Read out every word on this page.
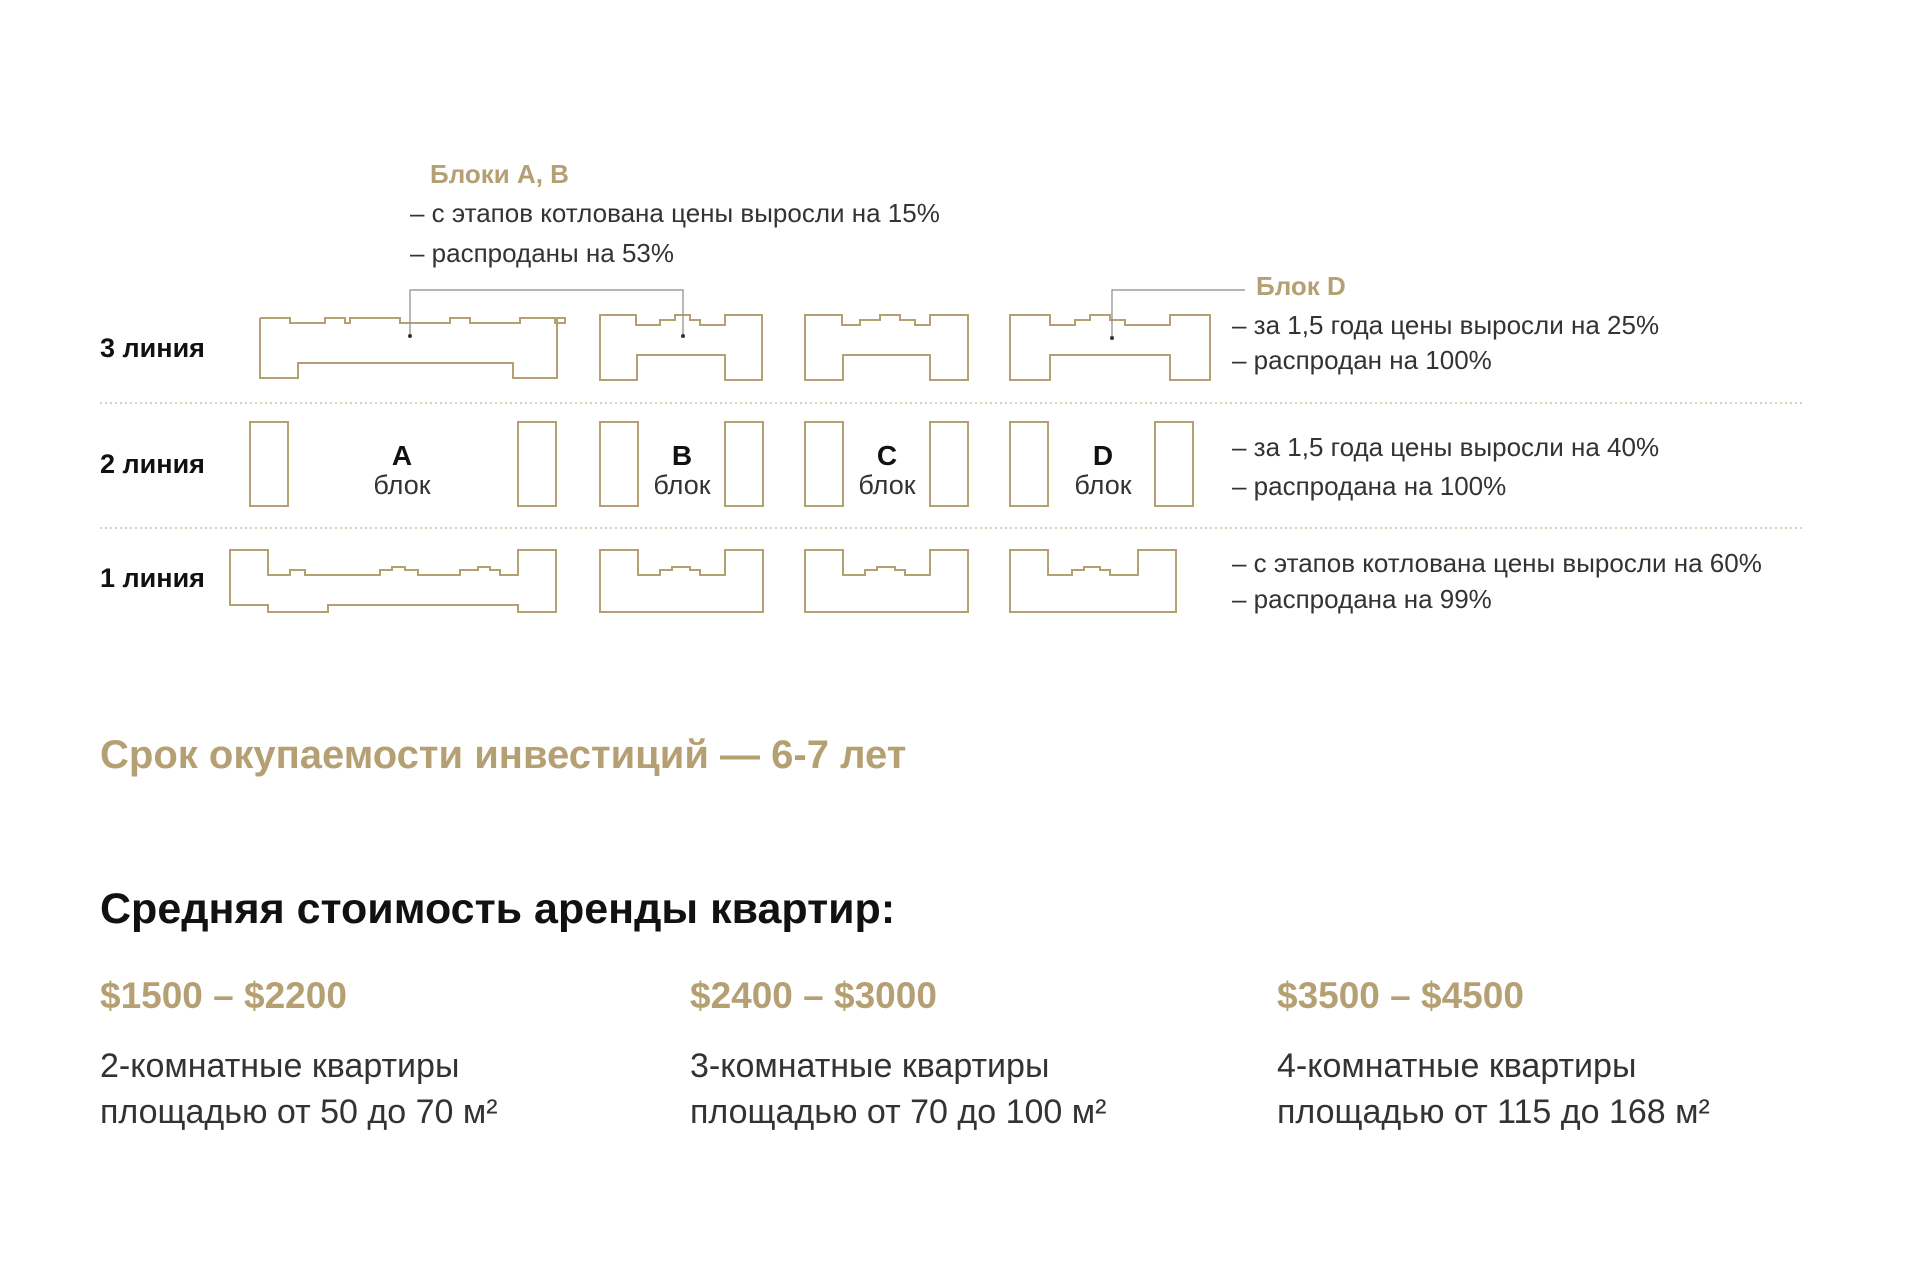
3 линия
2 линия
1 линия
A
блок
B
блок
C
блок
D
блок
Блоки A, B
– с этапов котлована цены выросли на 15%
– распроданы на 53%
Блок D
– за 1,5 года цены выросли на 25%
– распродан на 100%
– за 1,5 года цены выросли на 40%
– распродана на 100%
– с этапов котлована цены выросли на 60%
– распродана на 99%

Срок окупаемости инвестиций — 6-7 лет

Средняя стоимость аренды квартир:

$1500 – $2200

2-комнатные квартиры
площадью от 50 до 70 м²

$2400 – $3000

3-комнатные квартиры
площадью от 70 до 100 м²

$3500 – $4500

4-комнатные квартиры
площадью от 115 до 168 м²
